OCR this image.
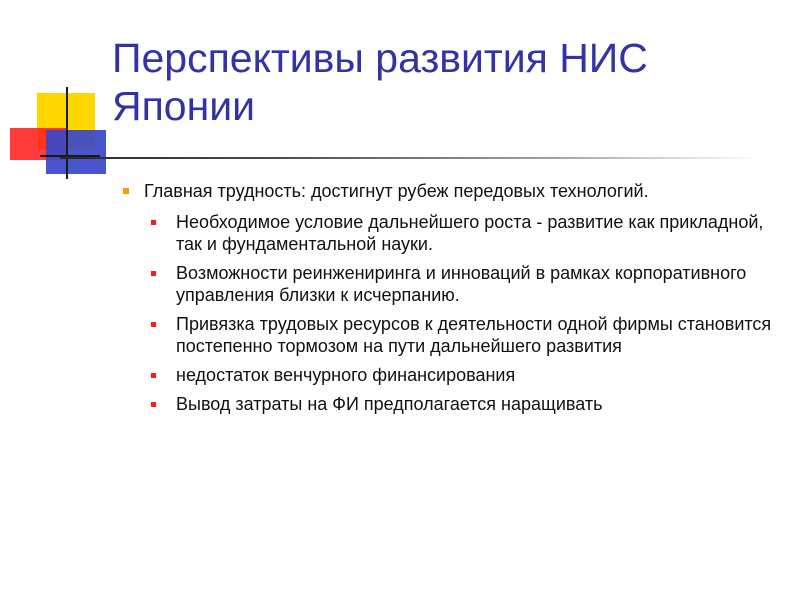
Перспективы развития НИС Японии
Главная трудность: достигнут рубеж передовых технологий.
Необходимое условие дальнейшего роста - развитие как прикладной, так и фундаментальной науки.
Возможности реинжениринга и инноваций в рамках корпоративного управления близки к исчерпанию.
Привязка трудовых ресурсов к деятельности одной фирмы становится постепенно тормозом на пути дальнейшего развития
недостаток венчурного финансирования
Вывод затраты на ФИ предполагается наращивать
